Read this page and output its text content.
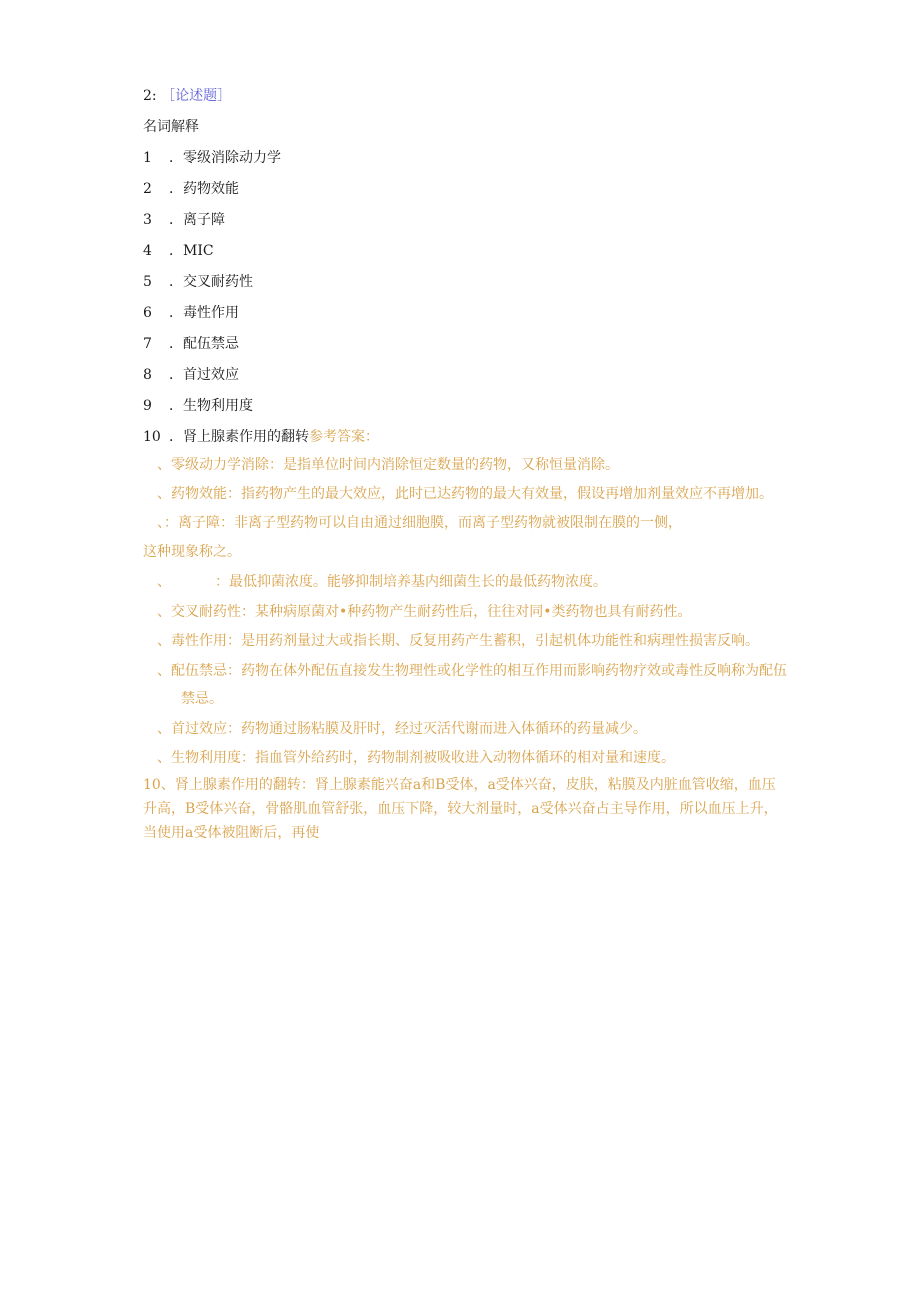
2: ［论述题］
名词解释
1 ．零级消除动力学
2 ．药物效能
3 ．离子障
4 ．MIC
5 ．交叉耐药性
6 ．毒性作用
7 ．配伍禁忌
8 ．首过效应
9 ．生物利用度
10 ．肾上腺素作用的翻转参考答案：
、零级动力学消除：是指单位时间内消除恒定数量的药物，又称恒量消除。
、药物效能：指药物产生的最大效应，此时已达药物的最大有效量，假设再增加剂量效应不再增加。
、：离子障：非离子型药物可以自由通过细胞膜，而离子型药物就被限制在膜的一侧，
这种现象称之。
、	：最低抑菌浓度。能够抑制培养基内细菌生长的最低药物浓度。
、交叉耐药性：某种病原菌对•种药物产生耐药性后，往往对同•类药物也具有耐药性。
、毒性作用：是用药剂量过大或指长期、反复用药产生蓄积，引起机体功能性和病理性损害反响。
、配伍禁忌：药物在体外配伍直接发生物理性或化学性的相互作用而影响药物疗效或毒性反响称为配伍
禁忌。
、首过效应：药物通过肠粘膜及肝时，经过灭活代谢而进入体循环的药量减少。
、生物利用度：指血管外给药时，药物制剂被吸收进入动物体循环的相对量和速度。
10、肾上腺素作用的翻转：肾上腺素能兴奋a和B受体，a受体兴奋，皮肤，粘膜及内脏血管收缩，血压
升高，B受体兴奋，骨骼肌血管舒张，血压下降，较大剂量时，a受体兴奋占主导作用，所以血压上升，
当使用a受体被阻断后，再使
